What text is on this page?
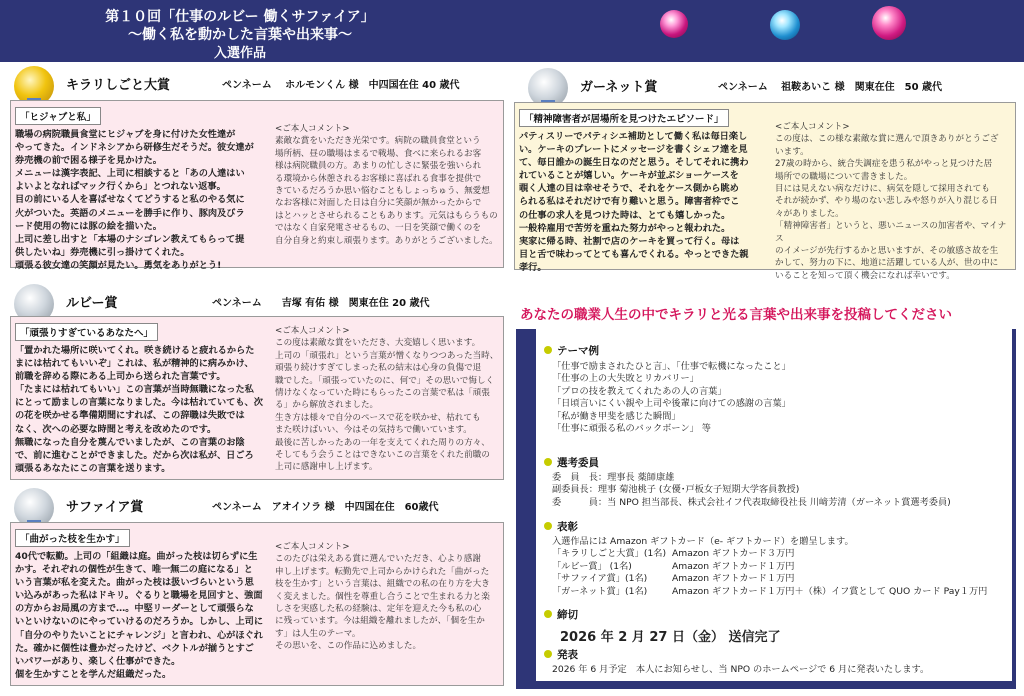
第１０回「仕事のルビー 働くサファイア」
〜働く私を動かした言葉や出来事〜
入選作品
キラリしごと大賞	ペンネーム　 ホルモンくん 様　中四国在住 40 歳代
「ヒジャブと私」
職場の病院職員食堂にヒジャブを身に付けた女性達が
やってきた。インドネシアから研修生だそうだ。彼女達が
券売機の前で困る様子を見かけた。
メニューは漢字表記、上司に相談すると「あの人達はい
よいよとなればマック行くから」とつれない返事。
目の前にいる人を喜ばせなくてどうすると私のやる気に
火がついた。英語のメニューを勝手に作り、豚肉及びラ
ード使用の物には豚の絵を描いた。
上司に差し出すと「本場のナシゴレン教えてもらって提
供したいね」券売機に引っ掛けてくれた。
頑張る彼女達の笑顔が見たい。勇気をありがとう!
<ご本人コメント>
素敵な賞をいただき光栄です。病院の職員食堂という
場所柄、昼の職場はまるで戦場、食べに来られるお客
様は病院職員の方。あまりの忙しさに緊張を強いられ
る環境から休憩されるお客様に喜ばれる食事を提供で
きているだろうか思い悩むこともしょっちゅう、無愛想
なお客様に対面した日は自分に笑顔が無かったからで
はとハッとさせられることもあります。元気はもらうもの
ではなく自家発電させるもの、一日を笑顔で働くのを
自分自身と約束し頑張ります。ありがとうございました。
ガーネット賞	ペンネーム　 祖鞍あいこ 様　関東在住　50 歳代
「精神障害者が居場所を見つけたエピソード」
パティスリーでパティシエ補助として働く私は毎日楽し
い。ケーキのプレートにメッセージを書くシェフ達を見
て、毎日誰かの誕生日なのだと思う。そしてそれに携わ
れていることが嬉しい。ケーキが並ぶショーケースを
覗く人達の目は幸せそうで、それをケース側から眺め
られる私はそれだけで有り難いと思う。障害者枠でこ
の仕事の求人を見つけた時は、とても嬉しかった。
一般枠雇用で苦労を重ねた努力がやっと報われた。
実家に帰る時、社割で店のケーキを買って行く。母は
目と舌で味わってとても喜んでくれる。やっとできた親
孝行。
<ご本人コメント>
この度は、この様な素敵な賞に選んで頂きありがとうござ
います。
27歳の時から、統合失調症を患う私がやっと見つけた居
場所での職場について書きました。
目には見えない病なだけに、病気を隠して採用されても
それが続かず、やり場のない悲しみや怒りが入り混じる日
々がありました。
「精神障害者」というと、悪いニュースの加害者や、マイナス
のイメージが先行するかと思いますが、その敏感さ故を生
かして、努力の下に、地道に活躍している人が、世の中に
いることを知って頂く機会になれば幸いです。
ルビー賞	ペンネーム　　吉塚 有佑 様　関東在住 20 歳代
「頑張りすぎているあなたへ」
「置かれた場所に咲いてくれ。咲き続けると疲れるからた
まには枯れてもいいぞ」これは、私が精神的に病みかけ、
前職を辞める際にある上司から送られた言葉です。
「たまには枯れてもいい」この言葉が当時無職になった私
にとって励ましの言葉になりました。今は枯れていても、次
の花を咲かせる準備期間にすれば、この辞職は失敗では
なく、次への必要な時間と考えを改めたのです。
無職になった自分を蔑んでいましたが、この言葉のお陰
で、前に進むことができました。だから次は私が、日ごろ
頑張るあなたにこの言葉を送ります。
<ご本人コメント>
この度は素敵な賞をいただき、大変嬉しく思います。
上司の「頑張れ」という言葉が憎くなりつつあった当時、
頑張り続けすぎてしまった私の結末は心身の負傷で退
職でした。「頑張っていたのに、何で」その思いで悔しく
情けなくなっていた時にもらったこの言葉で私は「頑張
る」から解放されました。
生き方は様々で自分のペースで花を咲かせ、枯れても
また咲けばいい、今はその気持ちで働いています。
最後に苦しかったあの一年を支えてくれた周りの方々、
そしてもう会うことはできないこの言葉をくれた前職の
上司に感謝申し上げます。
サファイア賞	ペンネーム　アオイソラ 様　中四国在住　60歳代
「曲がった枝を生かす」
40代で転勤。上司の「組織は庭。曲がった枝は切らずに生
かす。それぞれの個性が生きて、唯一無二の庭になる」と
いう言葉が私を変えた。曲がった枝は扱いづらいという思
い込みがあった私はドキリ。ぐるりと職場を見回すと、強面
の方からお局風の方まで…。中堅リーダーとして頑張らな
いといけないのにやっていけるのだろうか。しかし、上司に
「自分のやりたいことにチャレンジ」と言われ、心がほぐれ
た。確かに個性は豊かだったけど、ベクトルが揃うとすご
いパワーがあり、楽しく仕事ができた。
個を生かすことを学んだ組織だった。
<ご本人コメント>
このたびは栄えある賞に選んでいただき、心より感謝
申し上げます。転勤先で上司からかけられた「曲がった
枝を生かす」という言葉は、組織での私の在り方を大き
く変えました。個性を尊重し合うことで生まれる力と楽
しさを実感した私の経験は、定年を迎えた今も私の心
に残っています。今は組織を離れましたが、「個を生か
す」は人生のテーマ。
その思いを、この作品に込めました。
あなたの職業人生の中でキラリと光る言葉や出来事を投稿してください
テーマ例
「仕事で励まされたひと言」、「仕事で転機になったこと」
「仕事の上の大失敗とリカバリー」
「プロの技を教えてくれたあの人の言葉」
「日頃言いにくい親や上司や後輩に向けての感謝の言葉」
「私が働き甲斐を感じた瞬間」
「仕事に頑張る私のバックボーン」 等
選考委員
委　員　長：理事長 薬師康雄
副委員長：理事 菊池桃子 (女優･戸板女子短期大学客員教授)
委　　　員：当 NPO 担当部長、株式会社イフ代表取締役社長 川﨑芳清（ガーネット賞選考委員)
表彰
入選作品には Amazon ギフトカード（e- ギフトカード）を贈呈します。
「キラリしごと大賞」(1名) Amazon ギフトカード３万円
「ルビー賞」 (1名)	Amazon ギフトカード１万円
「サファイア賞」(1名)	Amazon ギフトカード１万円
「ガーネット賞」(1名)	Amazon ギフトカード１万円＋（株）イフ賞として QUO カード Pay１万円
締切
2026 年 2 月 27 日（金） 送信完了
発表
2026 年 6 月予定　本人にお知らせし、当 NPO のホームページで 6 月に発表いたします。
